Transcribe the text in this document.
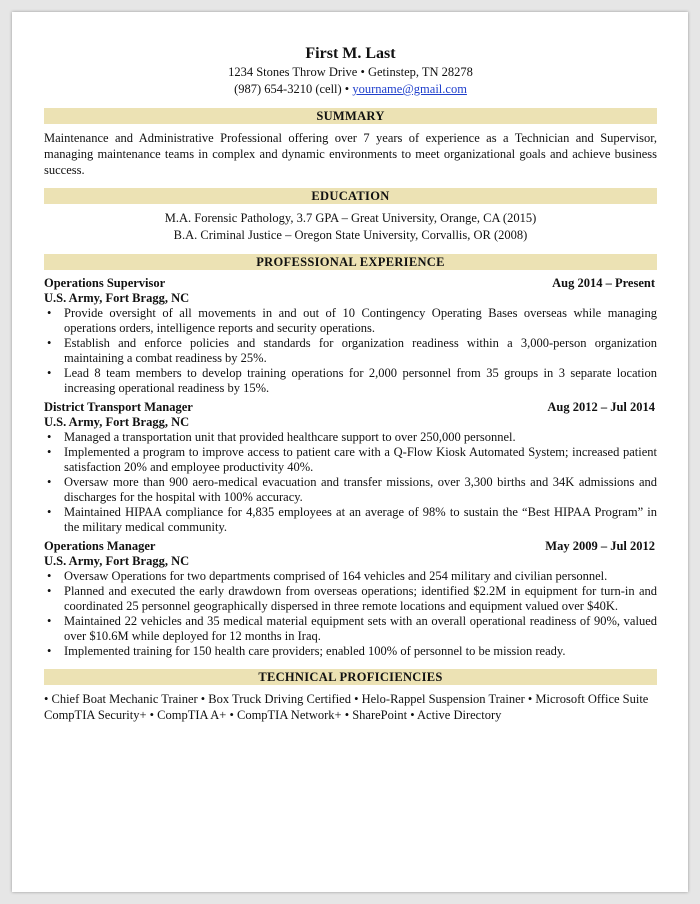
First M. Last

1234 Stones Throw Drive • Getinstep, TN 28278

(987) 654-3210 (cell) • yourname@gmail.com

SUMMARY

Maintenance and Administrative Professional offering over 7 years of experience as a Technician and Supervisor, managing maintenance teams in complex and dynamic environments to meet organizational goals and achieve business success.

EDUCATION

M.A. Forensic Pathology, 3.7 GPA – Great University, Orange, CA (2015)

B.A. Criminal Justice – Oregon State University, Corvallis, OR (2008)

PROFESSIONAL EXPERIENCE
Operations Supervisor	Aug 2014 – Present
U.S. Army, Fort Bragg, NC
• Provide oversight of all movements in and out of 10 Contingency Operating Bases overseas while managing operations orders, intelligence reports and security operations.
• Establish and enforce policies and standards for organization readiness within a 3,000-person organization maintaining a combat readiness by 25%.
• Lead 8 team members to develop training operations for 2,000 personnel from 35 groups in 3 separate location increasing operational readiness by 15%.
District Transport Manager	Aug 2012 – Jul 2014
U.S. Army, Fort Bragg, NC
• Managed a transportation unit that provided healthcare support to over 250,000 personnel.
• Implemented a program to improve access to patient care with a Q-Flow Kiosk Automated System; increased patient satisfaction 20% and employee productivity 40%.
• Oversaw more than 900 aero-medical evacuation and transfer missions, over 3,300 births and 34K admissions and discharges for the hospital with 100% accuracy.
• Maintained HIPAA compliance for 4,835 employees at an average of 98% to sustain the “Best HIPAA Program” in the military medical community.
Operations Manager	May 2009 – Jul 2012
U.S. Army, Fort Bragg, NC
• Oversaw Operations for two departments comprised of 164 vehicles and 254 military and civilian personnel.
• Planned and executed the early drawdown from overseas operations; identified $2.2M in equipment for turn-in and coordinated 25 personnel geographically dispersed in three remote locations and equipment valued over $40K.
• Maintained 22 vehicles and 35 medical material equipment sets with an overall operational readiness of 90%, valued over $10.6M while deployed for 12 months in Iraq.
• Implemented training for 150 health care providers; enabled 100% of personnel to be mission ready.
TECHNICAL PROFICIENCIES

• Chief Boat Mechanic Trainer • Box Truck Driving Certified • Helo-Rappel Suspension Trainer • Microsoft Office Suite

CompTIA Security+ • CompTIA A+ • CompTIA Network+ • SharePoint • Active Directory
